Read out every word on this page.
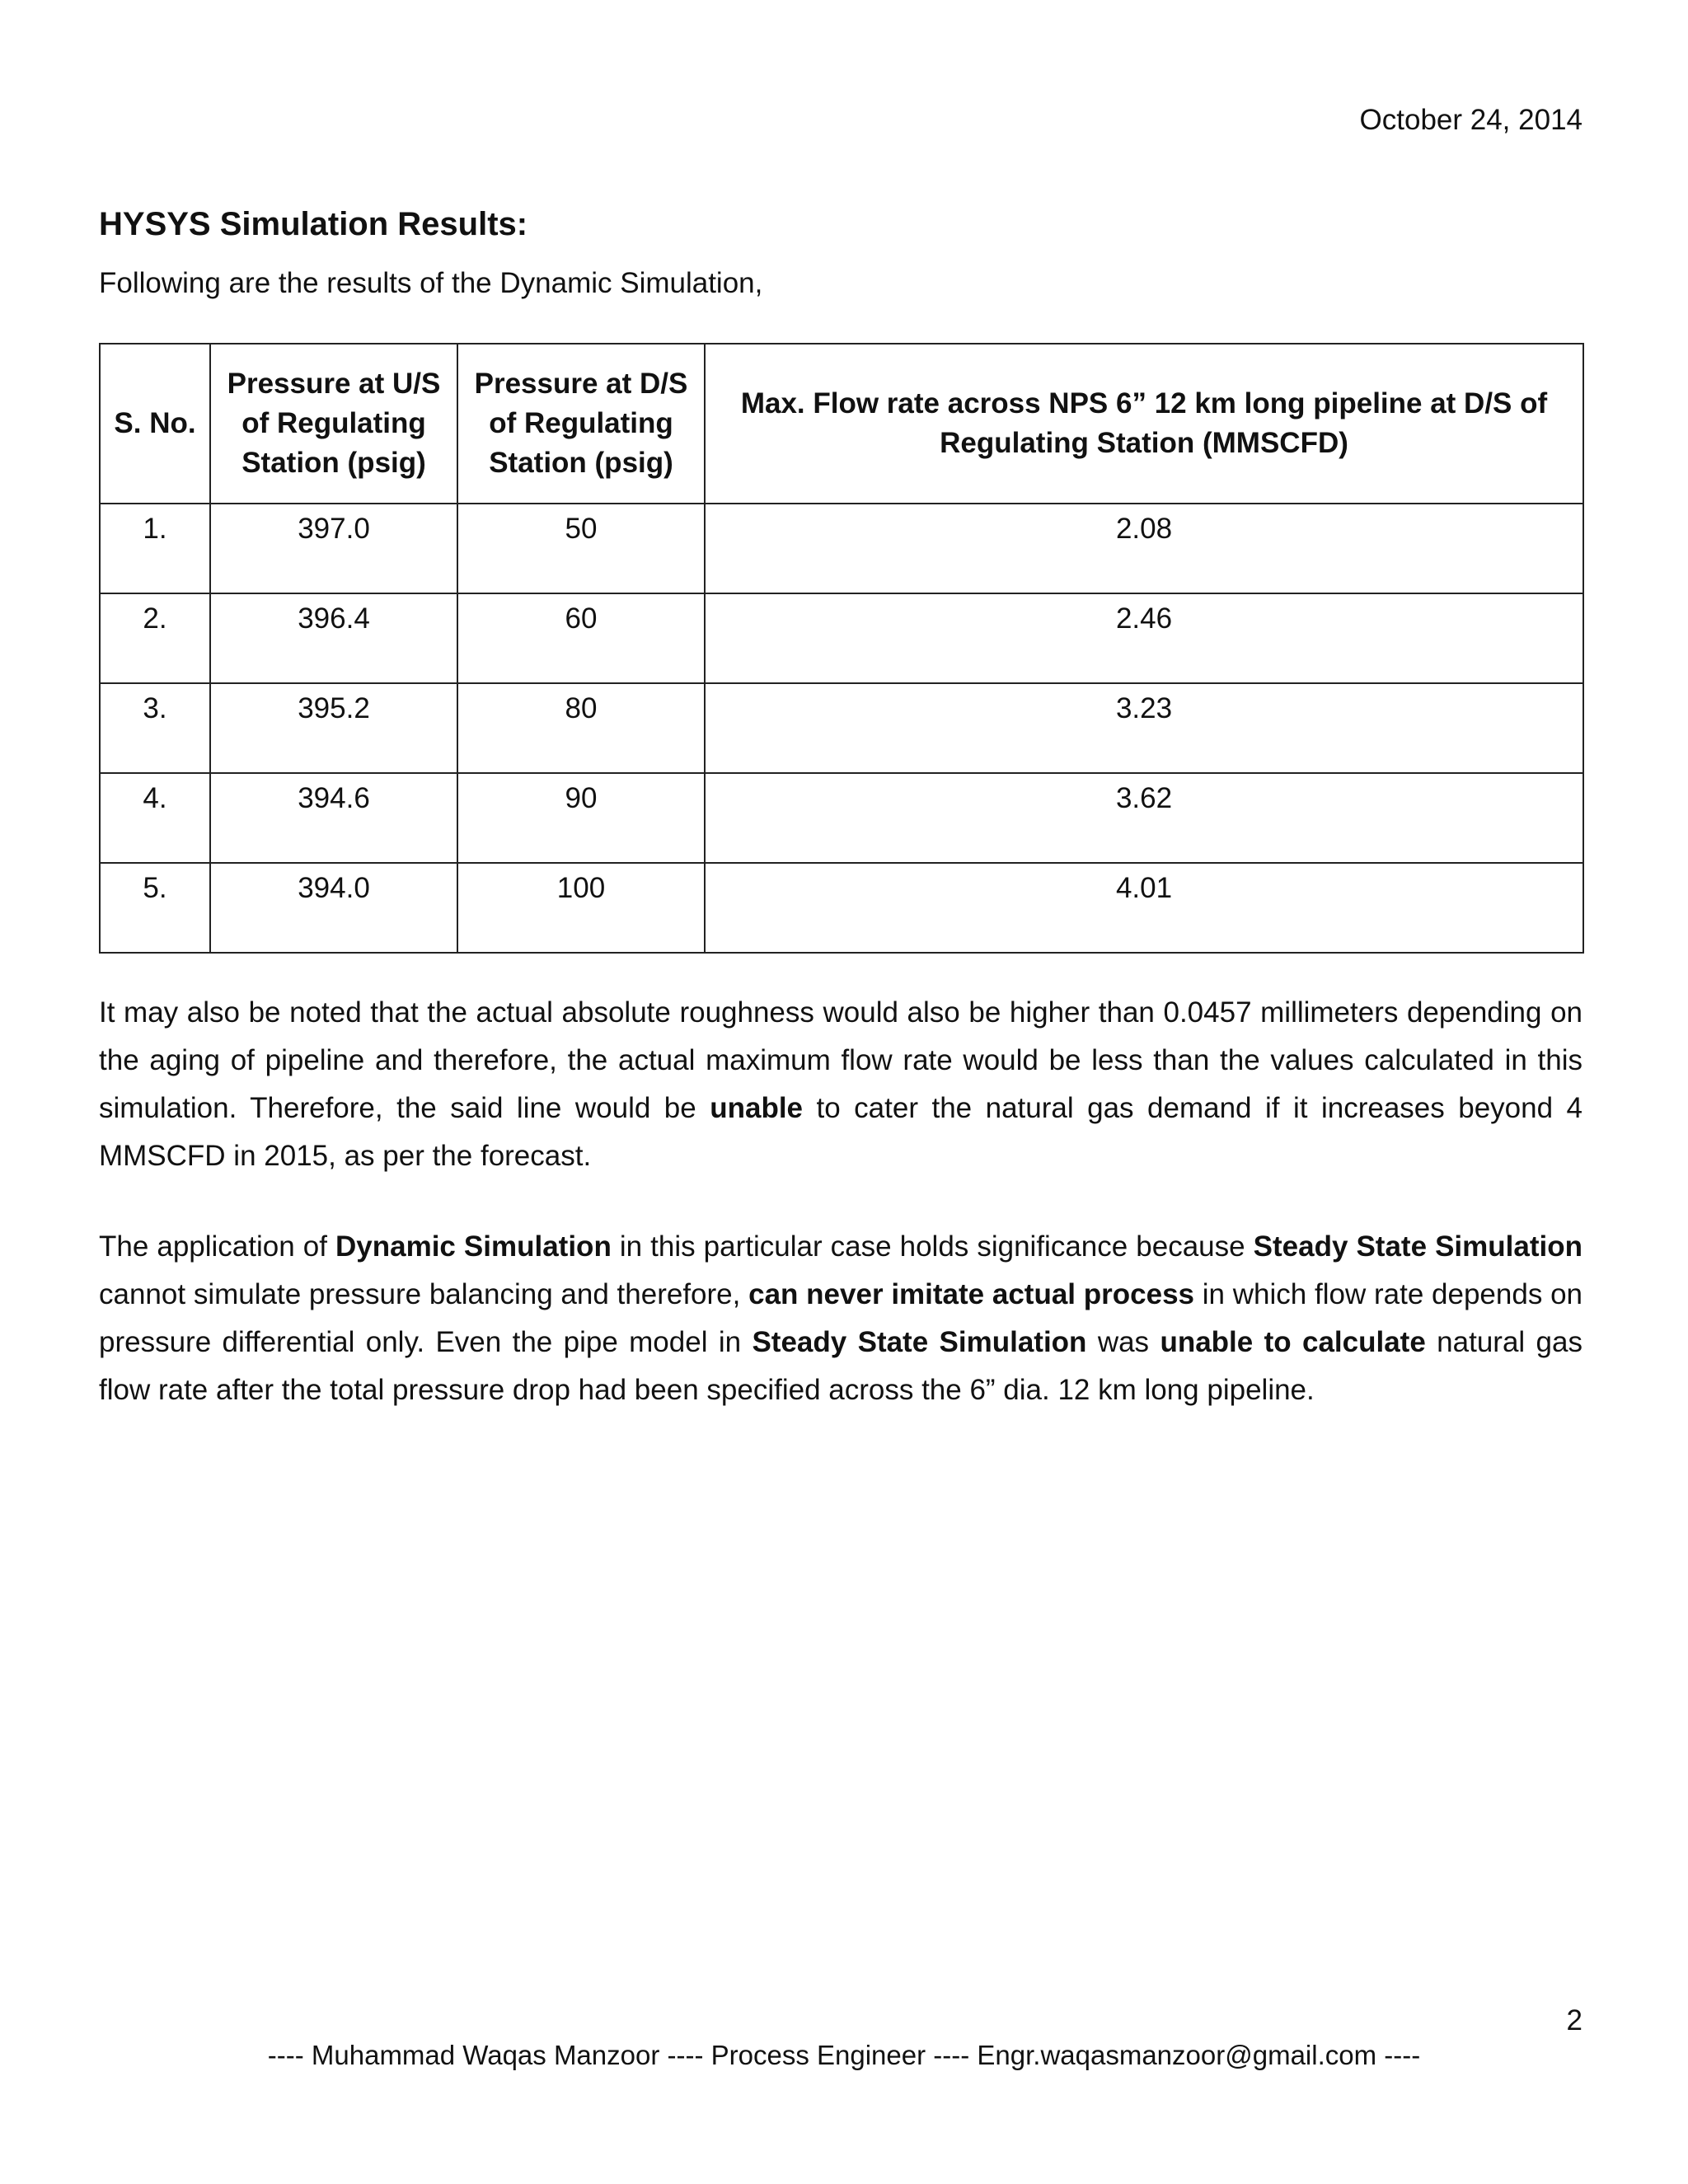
October 24, 2014
HYSYS Simulation Results:
Following are the results of the Dynamic Simulation,
S. No.	Pressure at U/S of Regulating Station (psig)	Pressure at D/S of Regulating Station (psig)	Max. Flow rate across NPS 6” 12 km long pipeline at D/S of Regulating Station (MMSCFD)
1.	397.0	50	2.08
2.	396.4	60	2.46
3.	395.2	80	3.23
4.	394.6	90	3.62
5.	394.0	100	4.01

It may also be noted that the actual absolute roughness would also be higher than 0.0457 millimeters depending on the aging of pipeline and therefore, the actual maximum flow rate would be less than the values calculated in this simulation. Therefore, the said line would be unable to cater the natural gas demand if it increases beyond 4 MMSCFD in 2015, as per the forecast.

The application of Dynamic Simulation in this particular case holds significance because Steady State Simulation cannot simulate pressure balancing and therefore, can never imitate actual process in which flow rate depends on pressure differential only. Even the pipe model in Steady State Simulation was unable to calculate natural gas flow rate after the total pressure drop had been specified across the 6” dia. 12 km long pipeline.

2
---- Muhammad Waqas Manzoor ---- Process Engineer ---- Engr.waqasmanzoor@gmail.com ----
